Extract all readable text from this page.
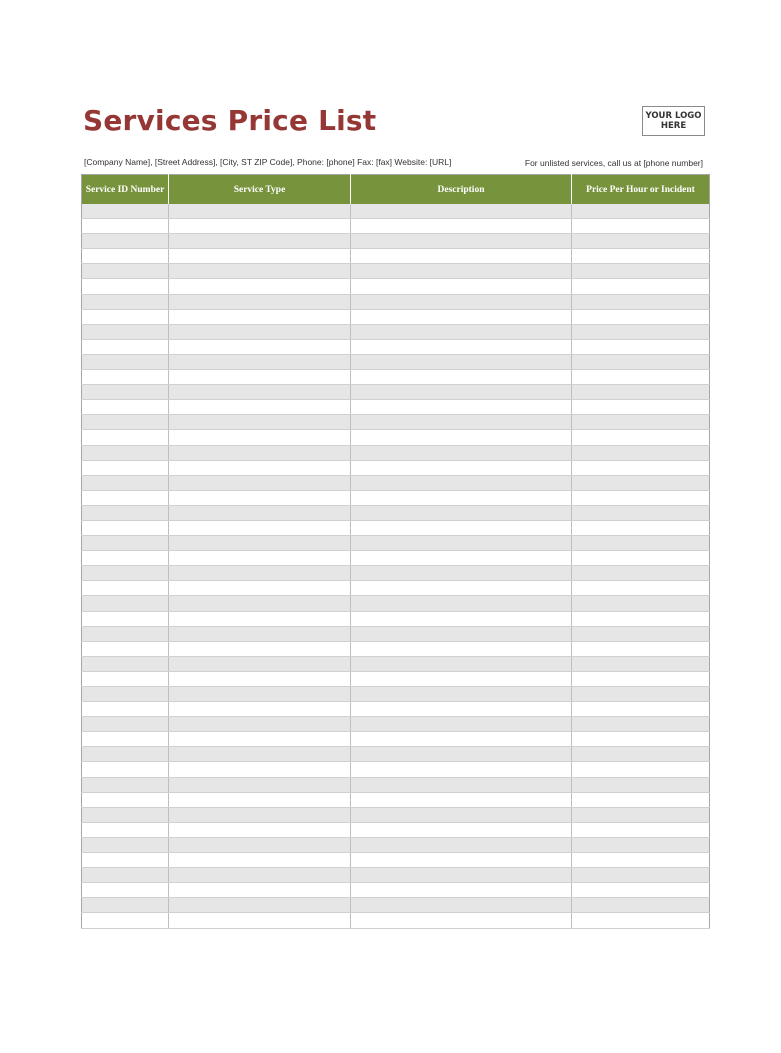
Services Price List	YOUR LOGO
HERE
[Company Name], [Street Address], [City, ST ZIP Code], Phone: [phone] Fax: [fax] Website: [URL]	For unlisted services, call us at [phone number]
Service ID Number	Service Type	Description	Price Per Hour or Incident
